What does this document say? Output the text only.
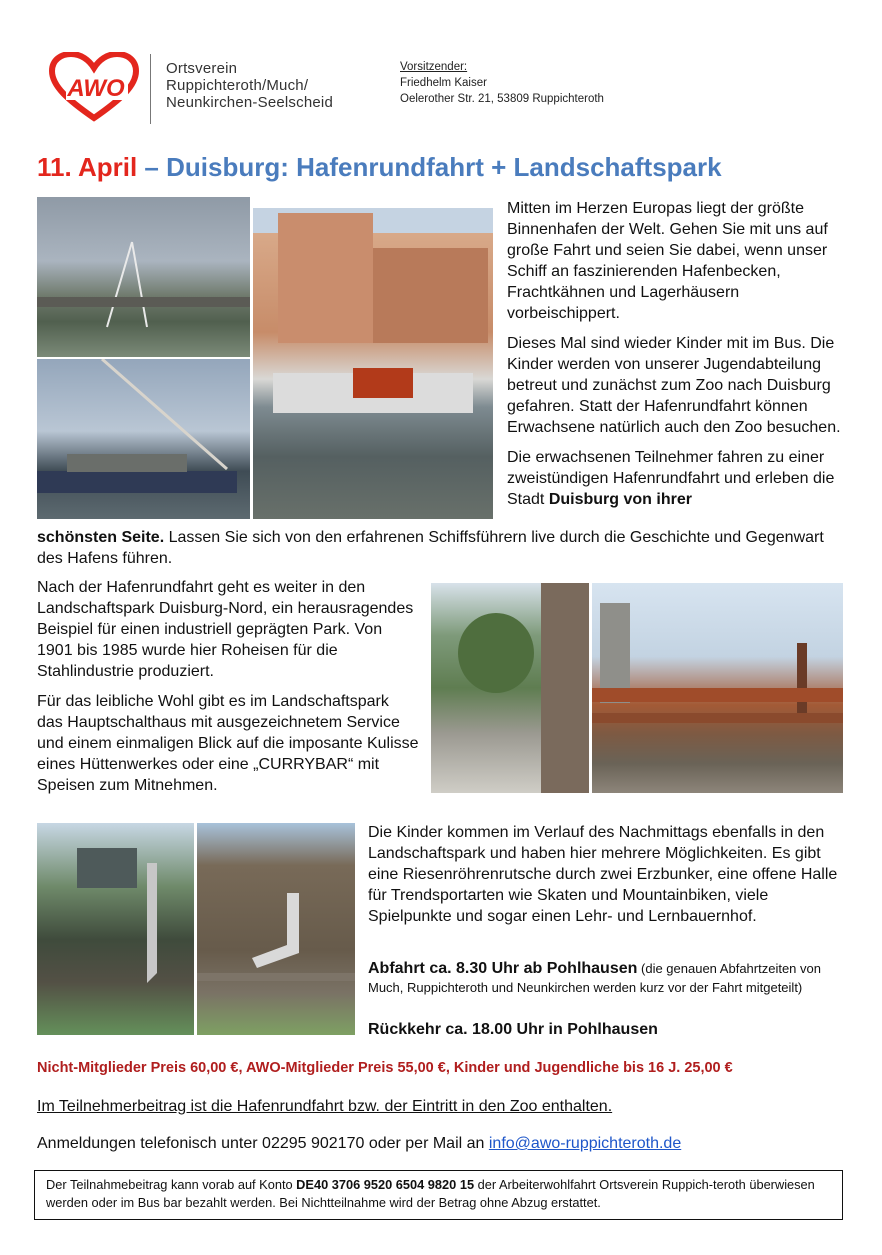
AWO
Ortsverein
Ruppichteroth/Much/
Neunkirchen-Seelscheid
Vorsitzender:
Friedhelm Kaiser
Oelerother Str. 21, 53809 Ruppichteroth
11. April – Duisburg: Hafenrundfahrt + Landschaftspark

Mitten im Herzen Europas liegt der größte Binnenhafen der Welt. Gehen Sie mit uns auf große Fahrt und seien Sie dabei, wenn unser Schiff an faszinierenden Hafenbecken, Frachtkähnen und Lagerhäusern vorbeischippert.

Dieses Mal sind wieder Kinder mit im Bus. Die Kinder werden von unserer Jugendabteilung betreut und zunächst zum Zoo nach Duisburg gefahren. Statt der Hafenrundfahrt können Erwachsene natürlich auch den Zoo besuchen.

Die erwachsenen Teilnehmer fahren zu einer zweistündigen Hafenrundfahrt und erleben die Stadt Duisburg von ihrer

schönsten Seite. Lassen Sie sich von den erfahrenen Schiffsführern live durch die Geschichte und Gegenwart des Hafens führen.

Nach der Hafenrundfahrt geht es weiter in den Landschaftspark Duisburg-Nord, ein herausragendes Beispiel für einen industriell geprägten Park. Von 1901 bis 1985 wurde hier Roheisen für die Stahlindustrie produziert.

Für das leibliche Wohl gibt es im Landschaftspark das Hauptschalthaus mit ausgezeichnetem Service und einem einmaligen Blick auf die imposante Kulisse eines Hüttenwerkes oder eine „CURRYBAR“ mit Speisen zum Mitnehmen.

Die Kinder kommen im Verlauf des Nachmittags ebenfalls in den Landschaftspark und haben hier mehrere Möglichkeiten. Es gibt eine Riesenröhrenrutsche durch zwei Erzbunker, eine offene Halle für Trendsportarten wie Skaten und Mountainbiken, viele Spielpunkte und sogar einen Lehr- und Lernbauernhof.

Abfahrt ca. 8.30 Uhr ab Pohlhausen (die genauen Abfahrtzeiten von Much, Ruppichteroth und Neunkirchen werden kurz vor der Fahrt mitgeteilt)
Rückkehr ca. 18.00 Uhr in Pohlhausen
Nicht-Mitglieder Preis 60,00 €, AWO-Mitglieder Preis 55,00 €, Kinder und Jugendliche bis 16 J. 25,00 €
Im Teilnehmerbeitrag ist die Hafenrundfahrt bzw. der Eintritt in den Zoo enthalten.
Anmeldungen telefonisch unter 02295 902170 oder per Mail an info@awo-ruppichteroth.de
Der Teilnahmebeitrag kann vorab auf Konto DE40 3706 9520 6504 9820 15 der Arbeiterwohlfahrt Ortsverein Ruppich-teroth überwiesen werden oder im Bus bar bezahlt werden. Bei Nichtteilnahme wird der Betrag ohne Abzug erstattet.
